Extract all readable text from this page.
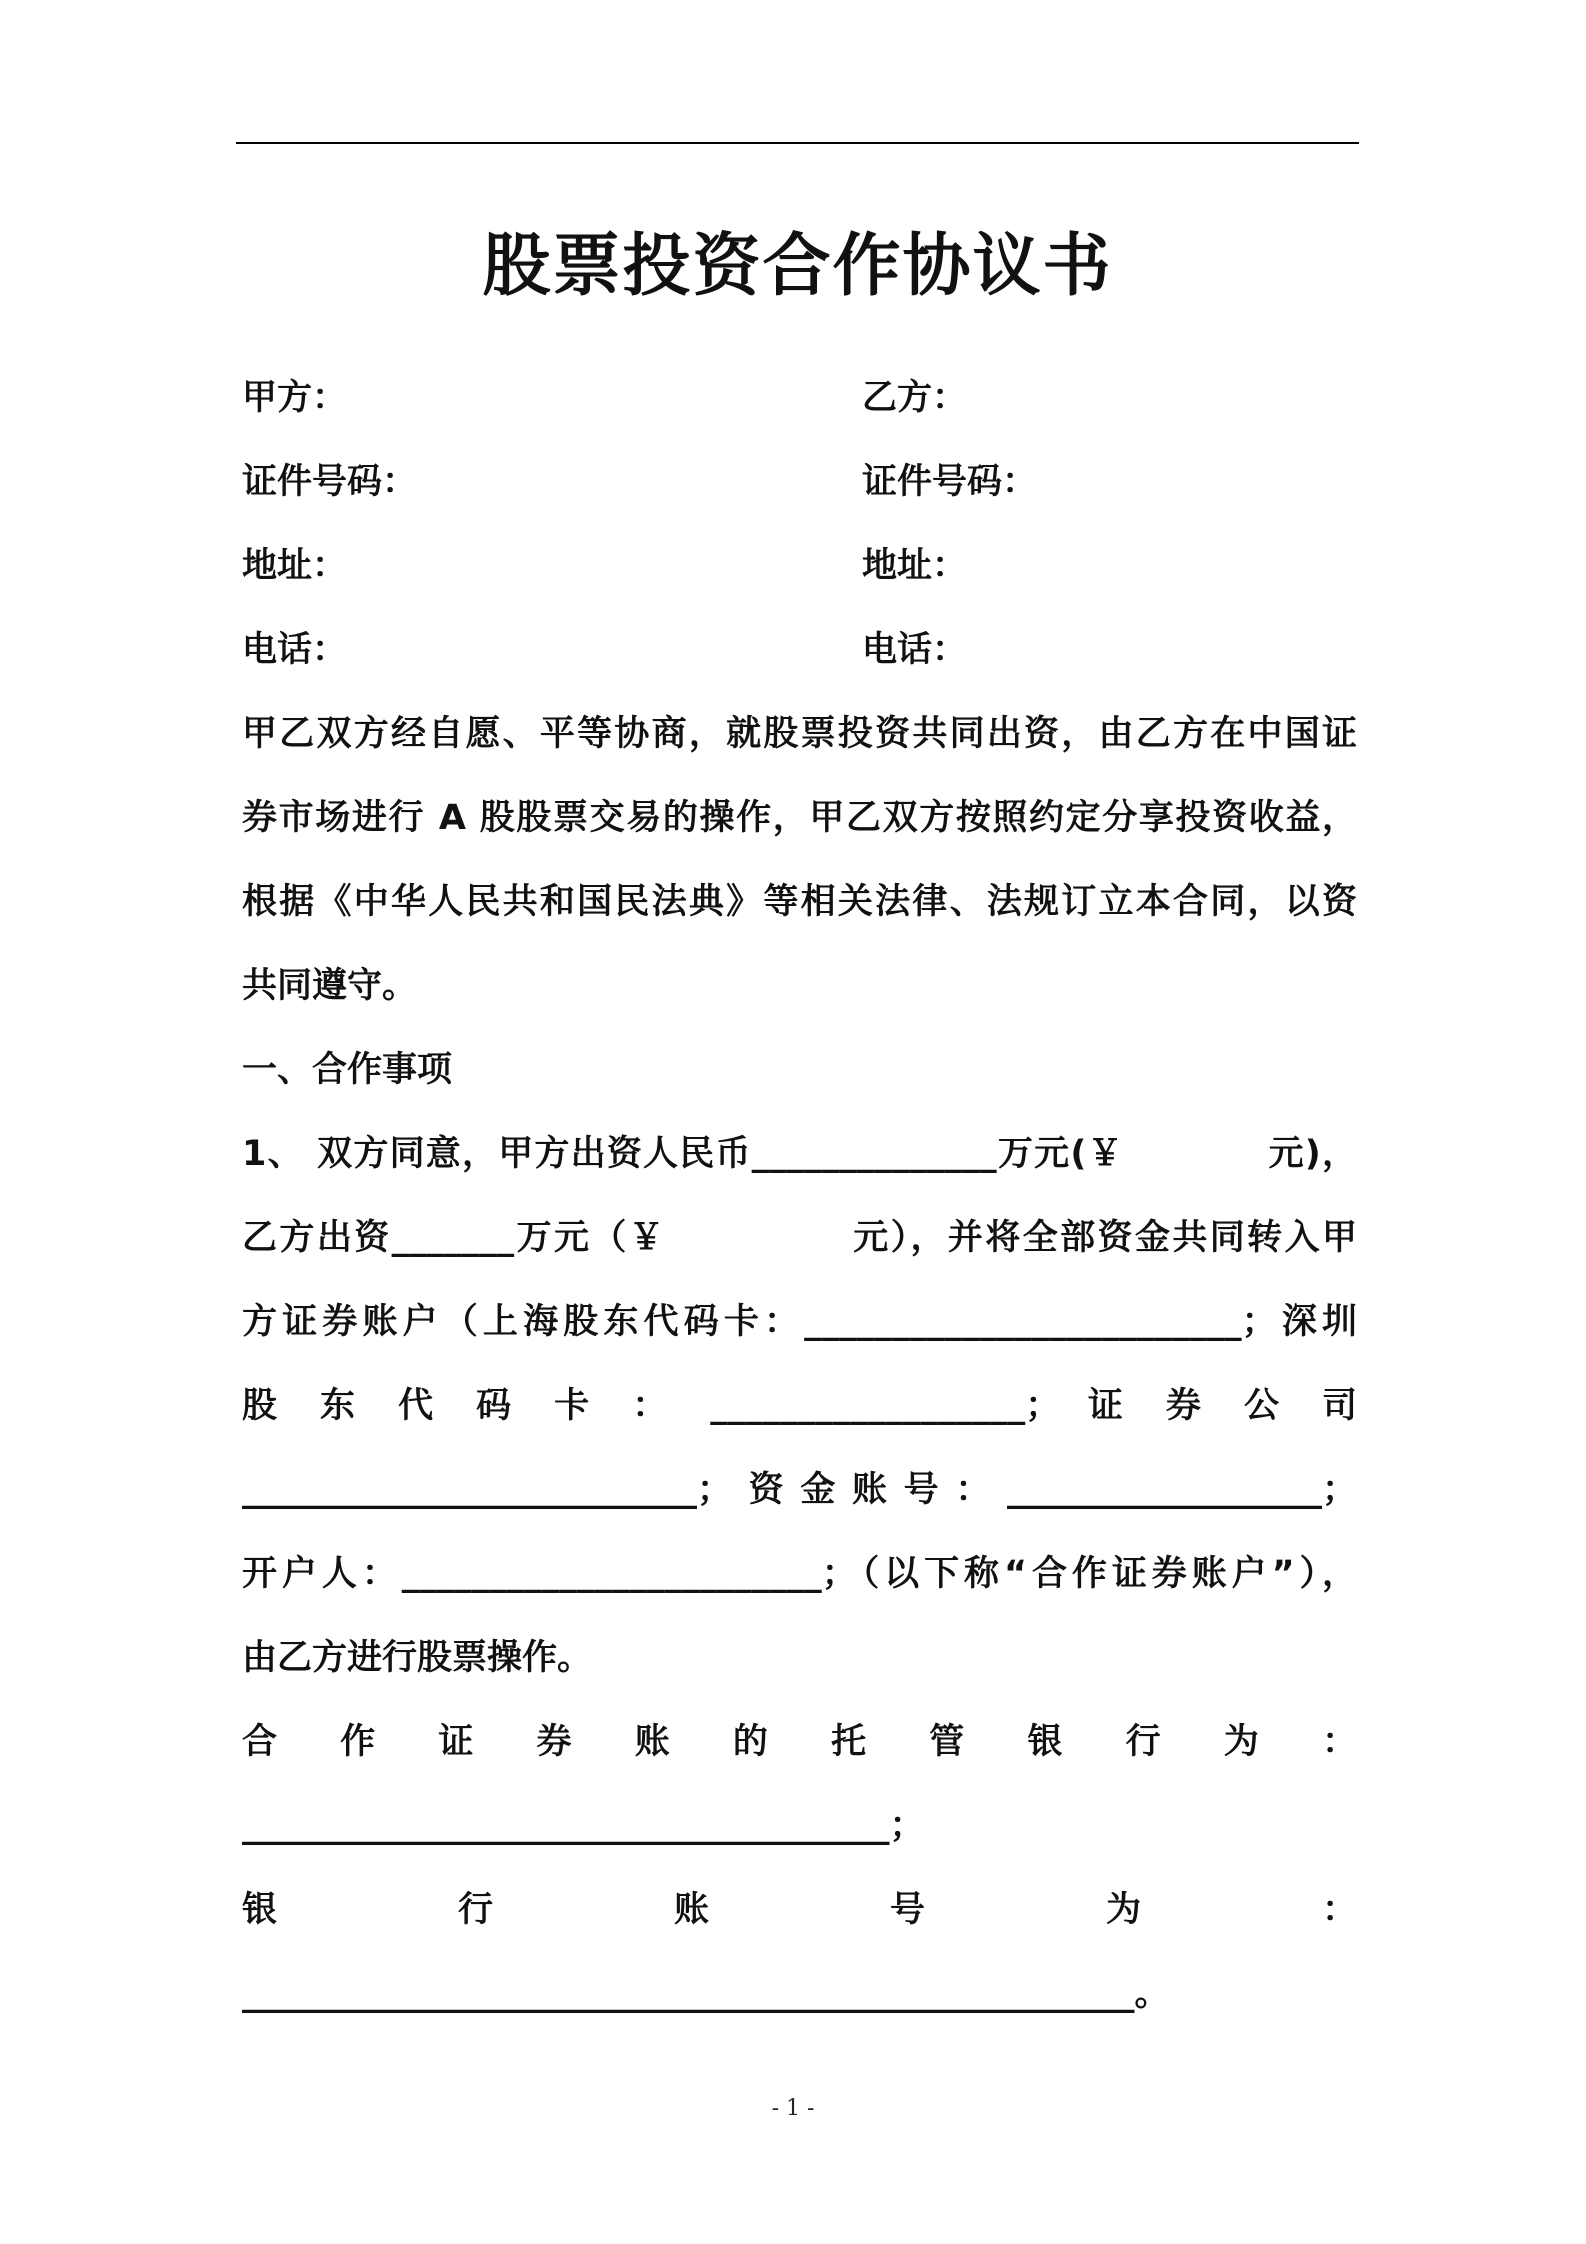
股票投资合作协议书
甲方：	乙方：
证件号码：	证件号码：
地址：	地址：
电话：	电话：
甲乙双方经自愿、平等协商，就股票投资共同出资，由乙方在中国证
券市场进行 A 股股票交易的操作，甲乙双方按照约定分享投资收益，
根据《中华人民共和国民法典》等相关法律、法规订立本合同，以资
共同遵守。
一、合作事项
1、 双方同意，甲方出资人民币______________万元(￥　　　　元)，
乙方出资_______万元（￥　　　　　元），并将全部资金共同转入甲
方证券账户（上海股东代码卡：_________________________；深圳
股 东 代 码 卡 ： __________________； 证 券 公 司
__________________________；资金账号：__________________；
开户人：________________________；（以下称“合作证券账户”），
由乙方进行股票操作。
合 作 证 券 账 的 托 管 银 行 为 ：
_____________________________________；
银 行 账 号 为 ：
___________________________________________________。
- 1 -
